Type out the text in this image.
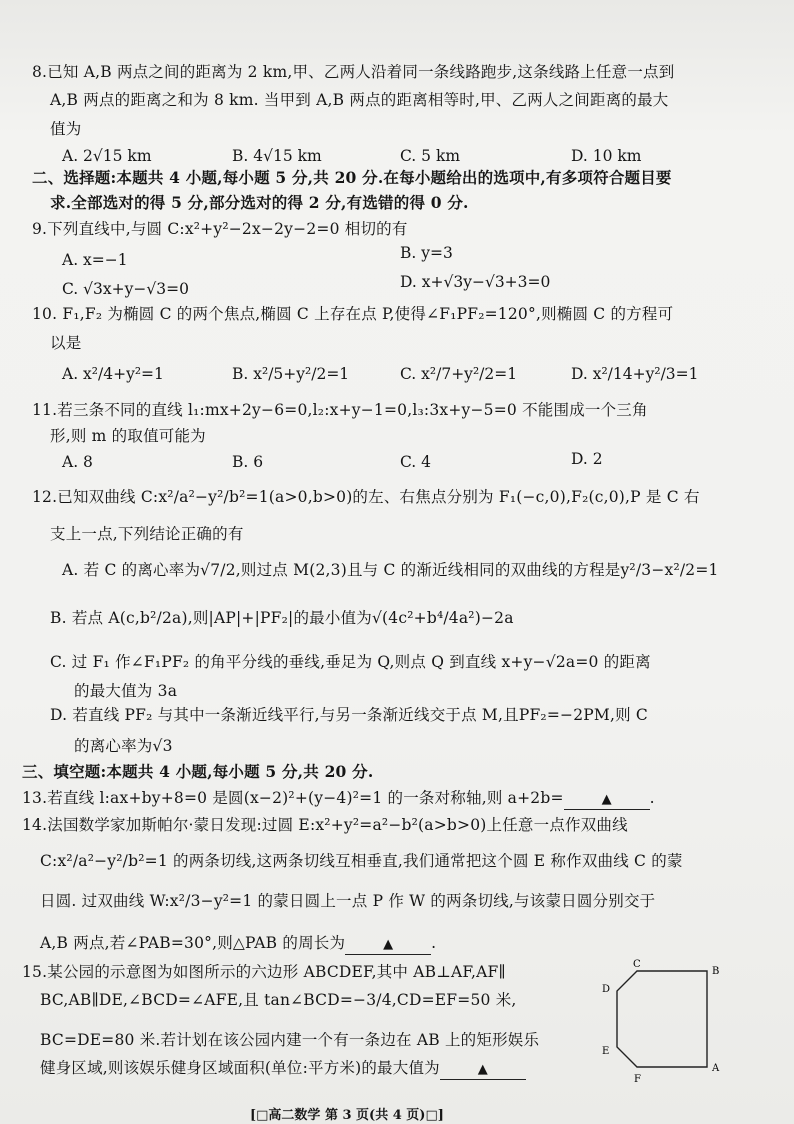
8.已知 A,B 两点之间的距离为 2 km,甲、乙两人沿着同一条线路跑步,这条线路上任意一点到
A,B 两点的距离之和为 8 km. 当甲到 A,B 两点的距离相等时,甲、乙两人之间距离的最大
值为
A. 2√15 km	B. 4√15 km	C. 5 km	D. 10 km
二、选择题:本题共 4 小题,每小题 5 分,共 20 分.在每小题给出的选项中,有多项符合题目要
求.全部选对的得 5 分,部分选对的得 2 分,有选错的得 0 分.
9.下列直线中,与圆 C:x²+y²−2x−2y−2=0 相切的有
A. x=−1	B. y=3
C. √3x+y−√3=0	D. x+√3y−√3+3=0
10. F₁,F₂ 为椭圆 C 的两个焦点,椭圆 C 上存在点 P,使得∠F₁PF₂=120°,则椭圆 C 的方程可
以是
A. x²/4+y²=1	B. x²/5+y²/2=1	C. x²/7+y²/2=1	D. x²/14+y²/3=1
11.若三条不同的直线 l₁:mx+2y−6=0,l₂:x+y−1=0,l₃:3x+y−5=0 不能围成一个三角
形,则 m 的取值可能为
A. 8	B. 6	C. 4	D. 2
12.已知双曲线 C:x²/a²−y²/b²=1(a>0,b>0)的左、右焦点分别为 F₁(−c,0),F₂(c,0),P 是 C 右
支上一点,下列结论正确的有
A. 若 C 的离心率为√7/2,则过点 M(2,3)且与 C 的渐近线相同的双曲线的方程是y²/3−x²/2=1
B. 若点 A(c,b²/2a),则|AP|+|PF₂|的最小值为√(4c²+b⁴/4a²)−2a
C. 过 F₁ 作∠F₁PF₂ 的角平分线的垂线,垂足为 Q,则点 Q 到直线 x+y−√2a=0 的距离
的最大值为 3a
D. 若直线 PF₂ 与其中一条渐近线平行,与另一条渐近线交于点 M,且PF₂=−2PM,则 C
的离心率为√3
三、填空题:本题共 4 小题,每小题 5 分,共 20 分.
13.若直线 l:ax+by+8=0 是圆(x−2)²+(y−4)²=1 的一条对称轴,则 a+2b=	▲ .
14.法国数学家加斯帕尔·蒙日发现:过圆 E:x²+y²=a²−b²(a>b>0)上任意一点作双曲线
C:x²/a²−y²/b²=1 的两条切线,这两条切线互相垂直,我们通常把这个圆 E 称作双曲线 C 的蒙
日圆. 过双曲线 W:x²/3−y²=1 的蒙日圆上一点 P 作 W 的两条切线,与该蒙日圆分别交于
A,B 两点,若∠PAB=30°,则△PAB 的周长为	▲ .
15.某公园的示意图为如图所示的六边形 ABCDEF,其中 AB⊥AF,AF∥
BC,AB∥DE,∠BCD=∠AFE,且 tan∠BCD=−3/4,CD=EF=50 米,
BC=DE=80 米.若计划在该公园内建一个有一条边在 AB 上的矩形娱乐
健身区域,则该娱乐健身区域面积(单位:平方米)的最大值为	▲
C
B
D
E
F
A
[□高二数学 第 3 页(共 4 页)□]
